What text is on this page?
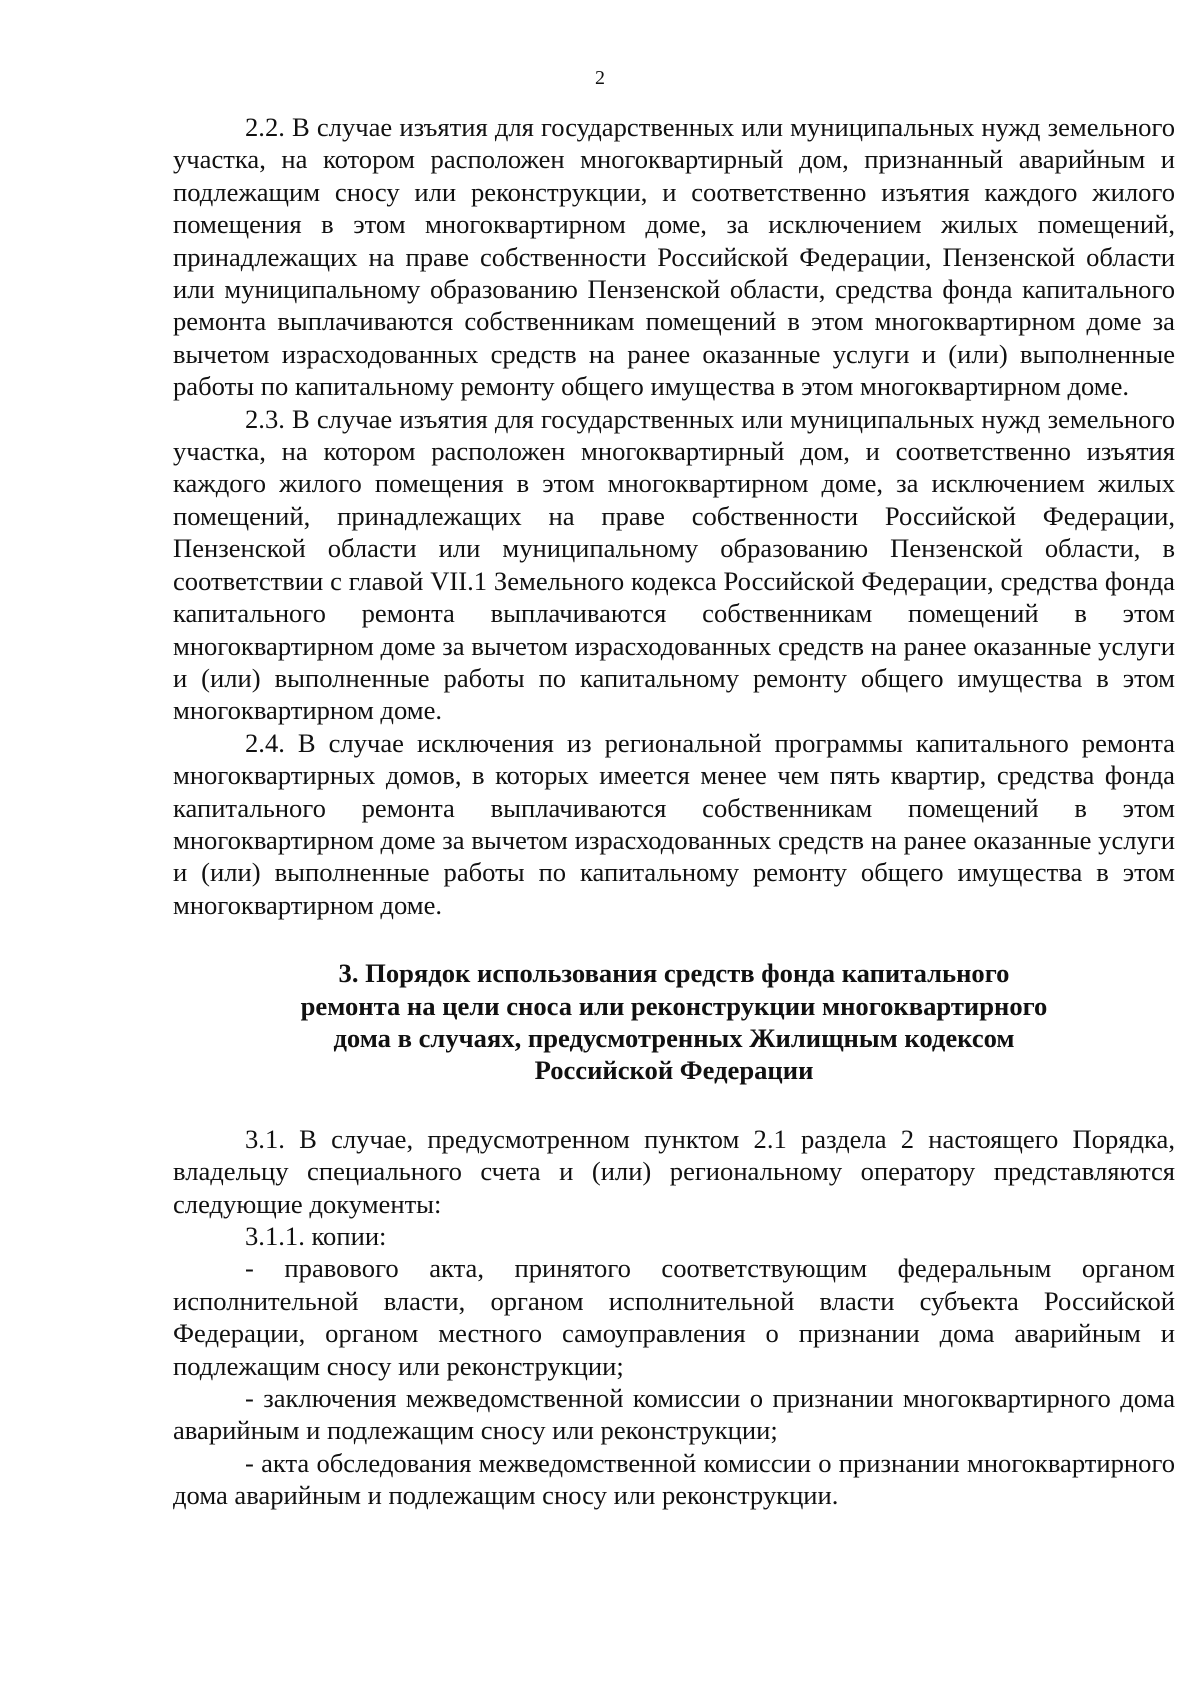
2

2.2. В случае изъятия для государственных или муниципальных нужд земельного участка, на котором расположен многоквартирный дом, признанный аварийным и подлежащим сносу или реконструкции, и соответственно изъятия каждого жилого помещения в этом многоквартирном доме, за исключением жилых помещений, принадлежащих на праве собственности Российской Федерации, Пензенской области или муниципальному образованию Пензенской области, средства фонда капитального ремонта выплачиваются собственникам помещений в этом многоквартирном доме за вычетом израсходованных средств на ранее оказанные услуги и (или) выполненные работы по капитальному ремонту общего имущества в этом многоквартирном доме.

2.3. В случае изъятия для государственных или муниципальных нужд земельного участка, на котором расположен многоквартирный дом, и соответственно изъятия каждого жилого помещения в этом многоквартирном доме, за исключением жилых помещений, принадлежащих на праве собственности Российской Федерации, Пензенской области или муниципальному образованию Пензенской области, в соответствии с главой VII.1 Земельного кодекса Российской Федерации, средства фонда капитального ремонта выплачиваются собственникам помещений в этом многоквартирном доме за вычетом израсходованных средств на ранее оказанные услуги и (или) выполненные работы по капитальному ремонту общего имущества в этом многоквартирном доме.

2.4. В случае исключения из региональной программы капитального ремонта многоквартирных домов, в которых имеется менее чем пять квартир, средства фонда капитального ремонта выплачиваются собственникам помещений в этом многоквартирном доме за вычетом израсходованных средств на ранее оказанные услуги и (или) выполненные работы по капитальному ремонту общего имущества в этом многоквартирном доме.

3. Порядок использования средств фонда капитального
ремонта на цели сноса или реконструкции многоквартирного
дома в случаях, предусмотренных Жилищным кодексом
Российской Федерации

3.1. В случае, предусмотренном пунктом 2.1 раздела 2 настоящего Порядка, владельцу специального счета и (или) региональному оператору представляются следующие документы:

3.1.1. копии:

- правового акта, принятого соответствующим федеральным органом исполнительной власти, органом исполнительной власти субъекта Российской Федерации, органом местного самоуправления о признании дома аварийным и подлежащим сносу или реконструкции;

- заключения межведомственной комиссии о признании многоквартирного дома аварийным и подлежащим сносу или реконструкции;

- акта обследования межведомственной комиссии о признании многоквартирного дома аварийным и подлежащим сносу или реконструкции.
